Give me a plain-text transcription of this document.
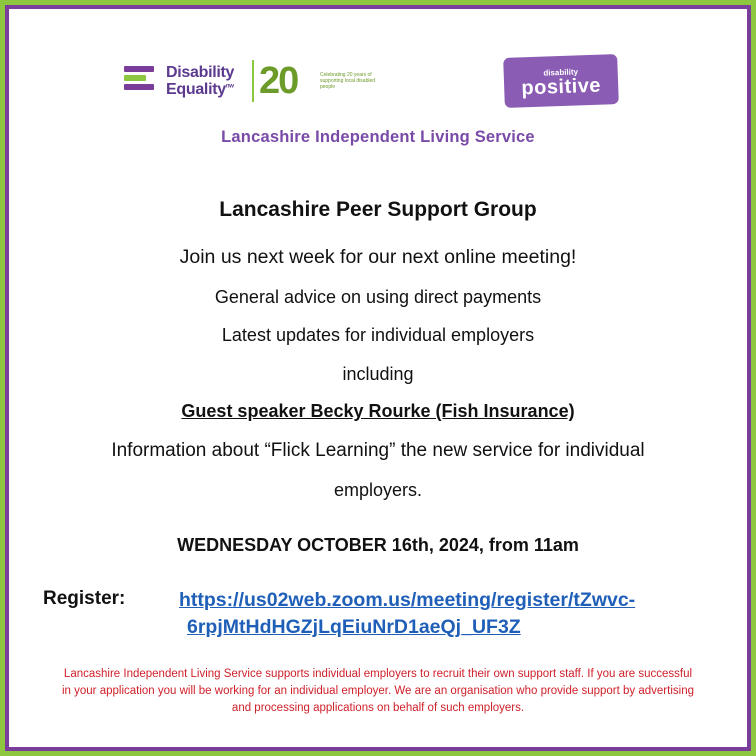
Disability
Equality$^{nw}$ 20	Celebrating 20 years of supporting local disabled people
disability
positive
Lancashire Independent Living Service
Lancashire Peer Support Group
Join us next week for our next online meeting!
General advice on using direct payments
Latest updates for individual employers
including
Guest speaker Becky Rourke (Fish Insurance)
Information about “Flick Learning” the new service for individual
employers.
WEDNESDAY OCTOBER 16th, 2024, from 11am
Register:	https://us02web.zoom.us/meeting/register/tZwvc-
6rpjMtHdHGZjLqEiuNrD1aeQj_UF3Z
Lancashire Independent Living Service supports individual employers to recruit their own support staff. If you are successful in your application you will be working for an individual employer. We are an organisation who provide support by advertising and processing applications on behalf of such employers.
